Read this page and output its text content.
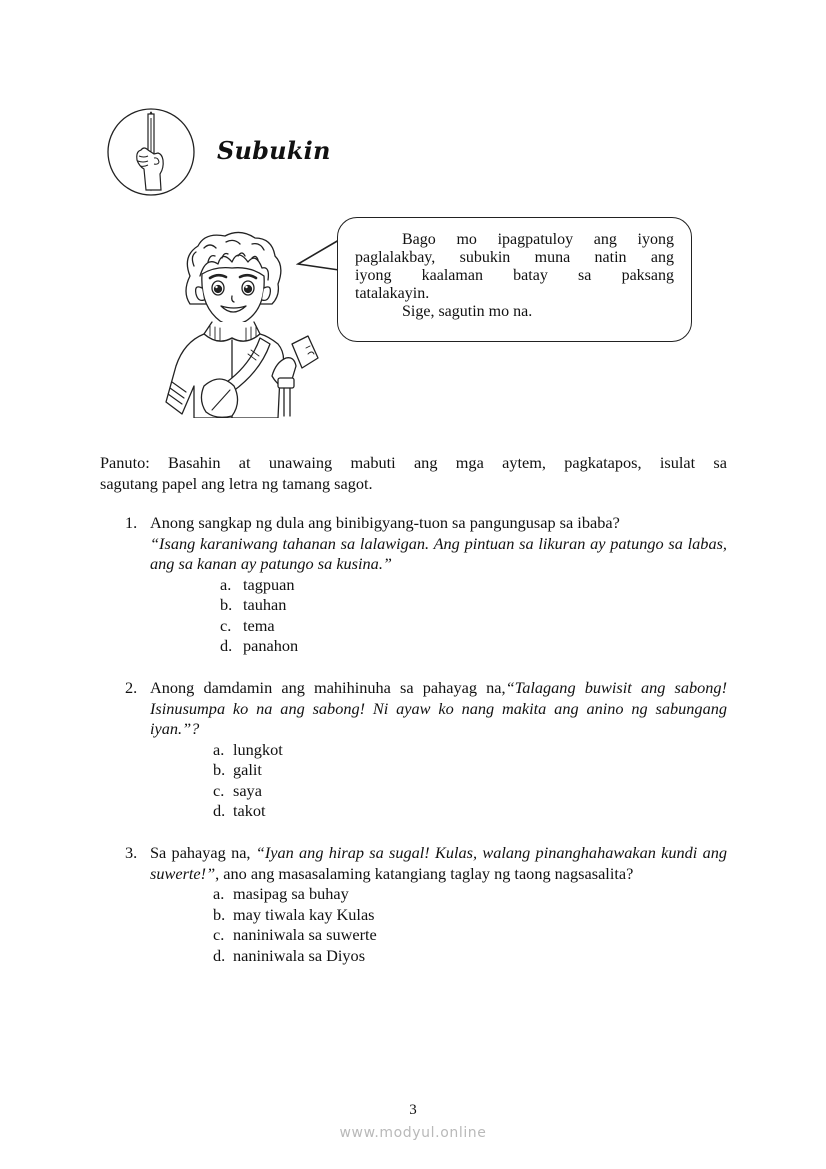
Subukin

Bago mo ipagpatuloy ang iyong

paglalakbay, subukin muna natin ang
iyong kaalaman batay sa paksang
tatalakayin.

Sige, sagutin mo na.

Panuto: Basahin at unawaing mabuti ang mga aytem, pagkatapos, isulat sa
sagutang papel ang letra ng tamang sagot.
1. Anong sangkap ng dula ang binibigyang-tuon sa pangungusap sa ibaba?
“Isang karaniwang tahanan sa lalawigan. Ang pintuan sa likuran ay patungo sa labas, ang sa kanan ay patungo sa kusina.”
a. tagpuan
b. tauhan
c. tema
d. panahon
2. Anong damdamin ang mahihinuha sa pahayag na,“Talagang buwisit ang sabong! Isinusumpa ko na ang sabong! Ni ayaw ko nang makita ang anino ng sabungang iyan.”?
a. lungkot
b. galit
c. saya
d. takot
3. Sa pahayag na, “Iyan ang hirap sa sugal! Kulas, walang pinanghahawakan kundi ang suwerte!”, ano ang masasalaming katangiang taglay ng taong nagsasalita?
a. masipag sa buhay
b. may tiwala kay Kulas
c. naniniwala sa suwerte
d. naniniwala sa Diyos
3
www.modyul.online
